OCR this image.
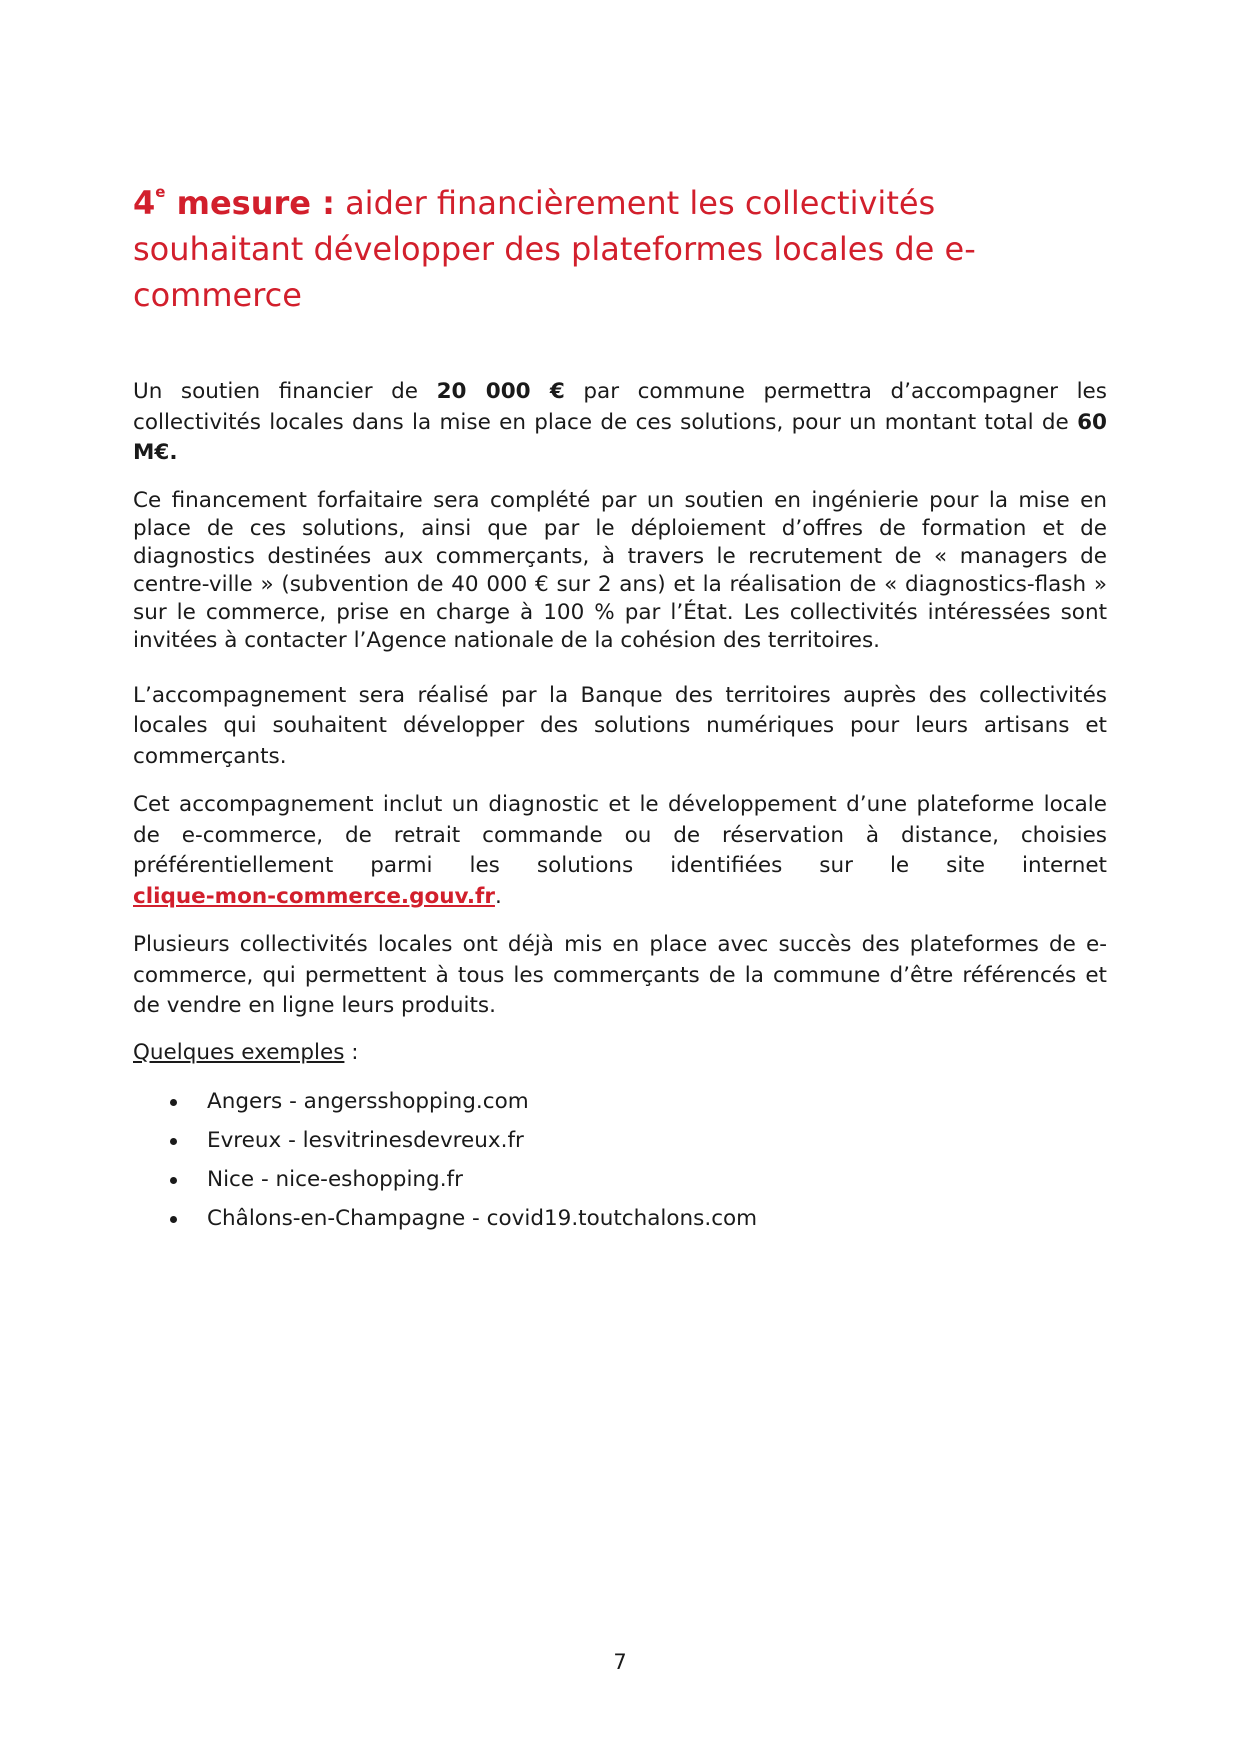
4e mesure : aider financièrement les collectivités souhaitant développer des plateformes locales de e-commerce

Un soutien financier de 20 000 € par commune permettra d’accompagner les collectivités locales dans la mise en place de ces solutions, pour un montant total de 60 M€.

Ce financement forfaitaire sera complété par un soutien en ingénierie pour la mise en place de ces solutions, ainsi que par le déploiement d’offres de formation et de diagnostics destinées aux commerçants, à travers le recrutement de « managers de centre-ville » (subvention de 40 000 € sur 2 ans) et la réalisation de « diagnostics-flash » sur le commerce, prise en charge à 100 % par l’État. Les collectivités intéressées sont invitées à contacter l’Agence nationale de la cohésion des territoires.

L’accompagnement sera réalisé par la Banque des territoires auprès des collectivités locales qui souhaitent développer des solutions numériques pour leurs artisans et commerçants.

Cet accompagnement inclut un diagnostic et le développement d’une plateforme locale de e-commerce, de retrait commande ou de réservation à distance, choisies préférentiellement parmi les solutions identifiées sur le site internet
clique-mon-commerce.gouv.fr.

Plusieurs collectivités locales ont déjà mis en place avec succès des plateformes de e-commerce, qui permettent à tous les commerçants de la commune d’être référencés et de vendre en ligne leurs produits.

Quelques exemples :

Angers - angersshopping.com
Evreux - lesvitrinesdevreux.fr
Nice - nice-eshopping.fr
Châlons-en-Champagne - covid19.toutchalons.com
7
